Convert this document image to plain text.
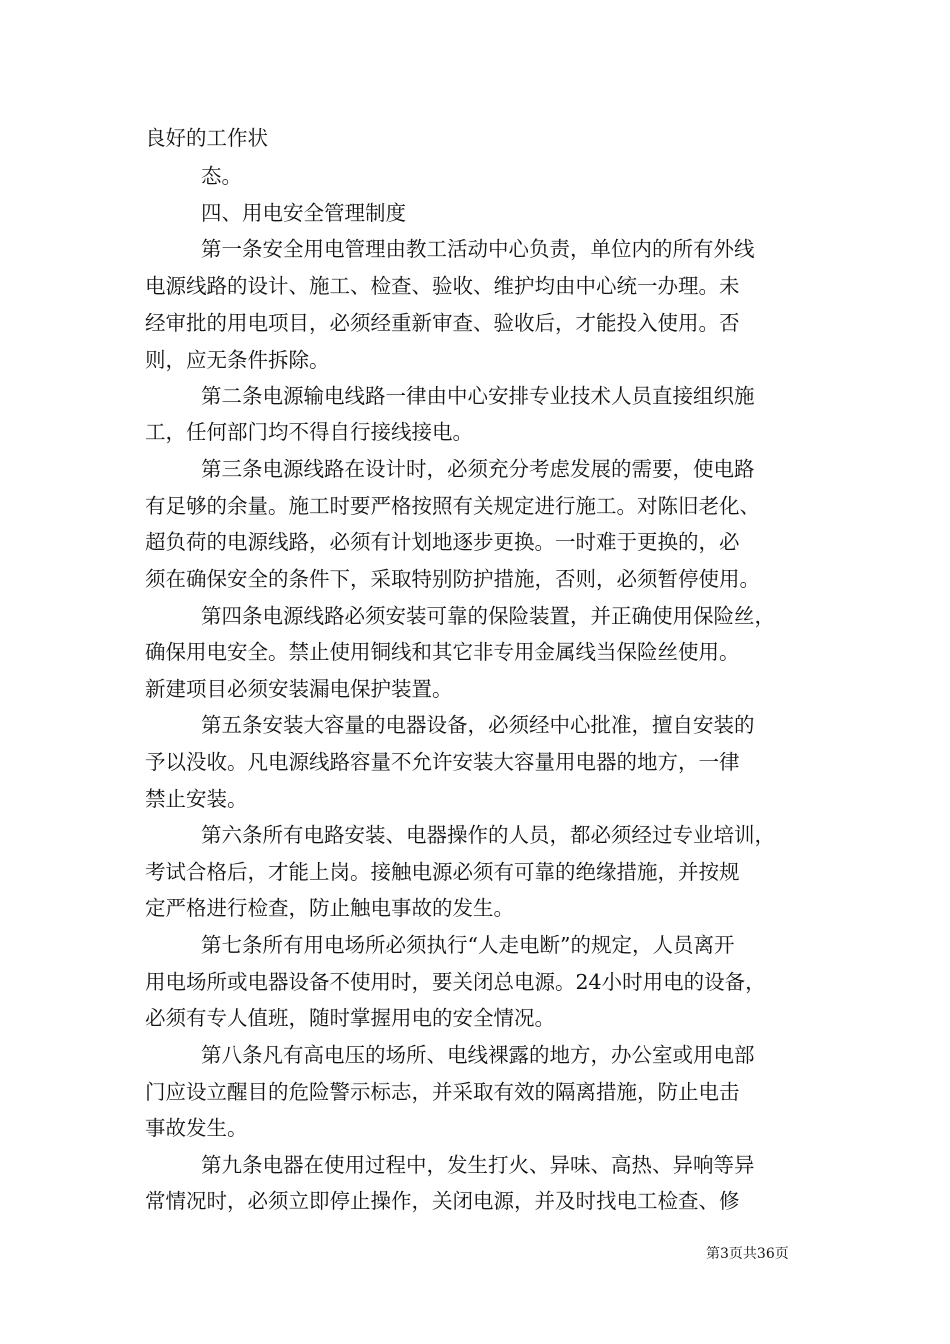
良好的工作状
态。
四、用电安全管理制度
第一条安全用电管理由教工活动中心负责，单位内的所有外线
电源线路的设计、施工、检查、验收、维护均由中心统一办理。未
经审批的用电项目，必须经重新审查、验收后，才能投入使用。否
则，应无条件拆除。
第二条电源输电线路一律由中心安排专业技术人员直接组织施
工，任何部门均不得自行接线接电。
第三条电源线路在设计时，必须充分考虑发展的需要，使电路
有足够的余量。施工时要严格按照有关规定进行施工。对陈旧老化、
超负荷的电源线路，必须有计划地逐步更换。一时难于更换的，必
须在确保安全的条件下，采取特别防护措施，否则，必须暂停使用。
第四条电源线路必须安装可靠的保险装置，并正确使用保险丝，
确保用电安全。禁止使用铜线和其它非专用金属线当保险丝使用。
新建项目必须安装漏电保护装置。
第五条安装大容量的电器设备，必须经中心批准，擅自安装的
予以没收。凡电源线路容量不允许安装大容量用电器的地方，一律
禁止安装。
第六条所有电路安装、电器操作的人员，都必须经过专业培训，
考试合格后，才能上岗。接触电源必须有可靠的绝缘措施，并按规
定严格进行检查，防止触电事故的发生。
第七条所有用电场所必须执行“人走电断”的规定，人员离开
用电场所或电器设备不使用时，要关闭总电源。24小时用电的设备，
必须有专人值班，随时掌握用电的安全情况。
第八条凡有高电压的场所、电线裸露的地方，办公室或用电部
门应设立醒目的危险警示标志，并采取有效的隔离措施，防止电击
事故发生。
第九条电器在使用过程中，发生打火、异味、高热、异响等异
常情况时，必须立即停止操作，关闭电源，并及时找电工检查、修
第3页共36页
